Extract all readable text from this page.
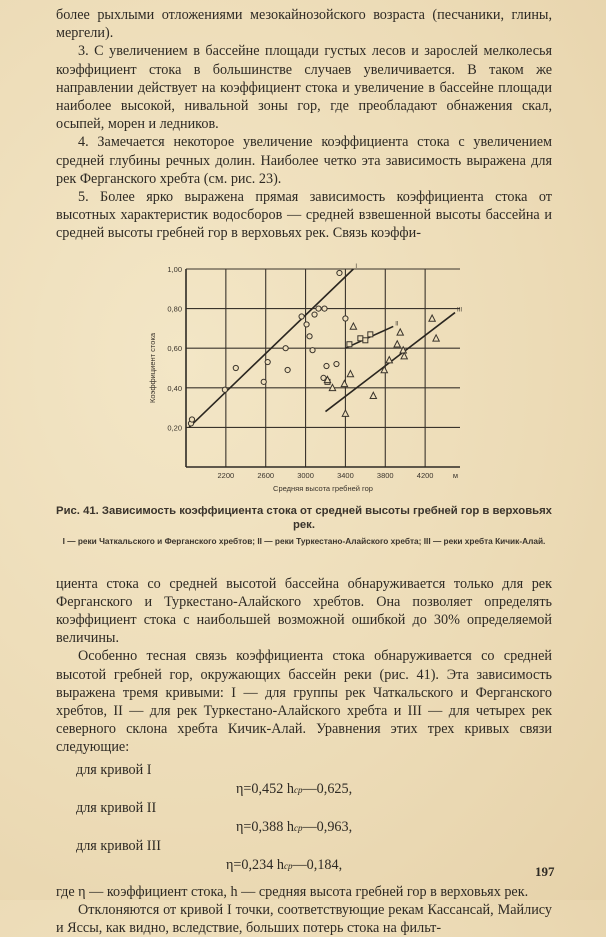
более рыхлыми отложениями мезокайнозойского возраста (песчаники, глины, мергели).

3. С увеличением в бассейне площади густых лесов и зарослей мелколесья коэффициент стока в большинстве случаев увеличивается. В таком же направлении действует на коэффициент стока и увеличение в бассейне площади наиболее высокой, нивальной зоны гор, где преобладают обнажения скал, осыпей, морен и ледников.

4. Замечается некоторое увеличение коэффициента стока с увеличением средней глубины речных долин. Наиболее четко эта зависимость выражена для рек Ферганского хребта (см. рис. 23).

5. Более ярко выражена прямая зависимость коэффициента стока от высотных характеристик водосборов — средней взвешенной высоты бассейна и средней высоты гребней гор в верховьях рек. Связь коэффи-

2200	2600	3000	3400	3800	4200
0,20
0,40
0,60
0,80
1,00
м
Средняя высота гребней гор
Коэффициент стока
I
II
III
Рис. 41. Зависимость коэффициента стока от средней высоты гребней гор в верховьях рек.
I — реки Чаткальского и Ферганского хребтов; II — реки Туркестано-Алайского хребта; III — реки хребта Кичик-Алай.

циента стока со средней высотой бассейна обнаруживается только для рек Ферганского и Туркестано-Алайского хребтов. Она позволяет определять коэффициент стока с наибольшей возможной ошибкой до 30% определяемой величины.

Особенно тесная связь коэффициента стока обнаруживается со средней высотой гребней гор, окружающих бассейн реки (рис. 41). Эта зависимость выражена тремя кривыми: I — для группы рек Чаткальского и Ферганского хребтов, II — для рек Туркестано-Алайского хребта и III — для четырех рек северного склона хребта Кичик-Алай. Уравнения этих трех кривых связи следующие:

для кривой I
η=0,452 hср—0,625,
для кривой II
η=0,388 hср—0,963,
для кривой III
η=0,234 hср—0,184,

где η — коэффициент стока, h — средняя высота гребней гор в верховьях рек.

Отклоняются от кривой I точки, соответствующие рекам Кассансай, Майлису и Яссы, как видно, вследствие, больших потерь стока на фильт-

197
